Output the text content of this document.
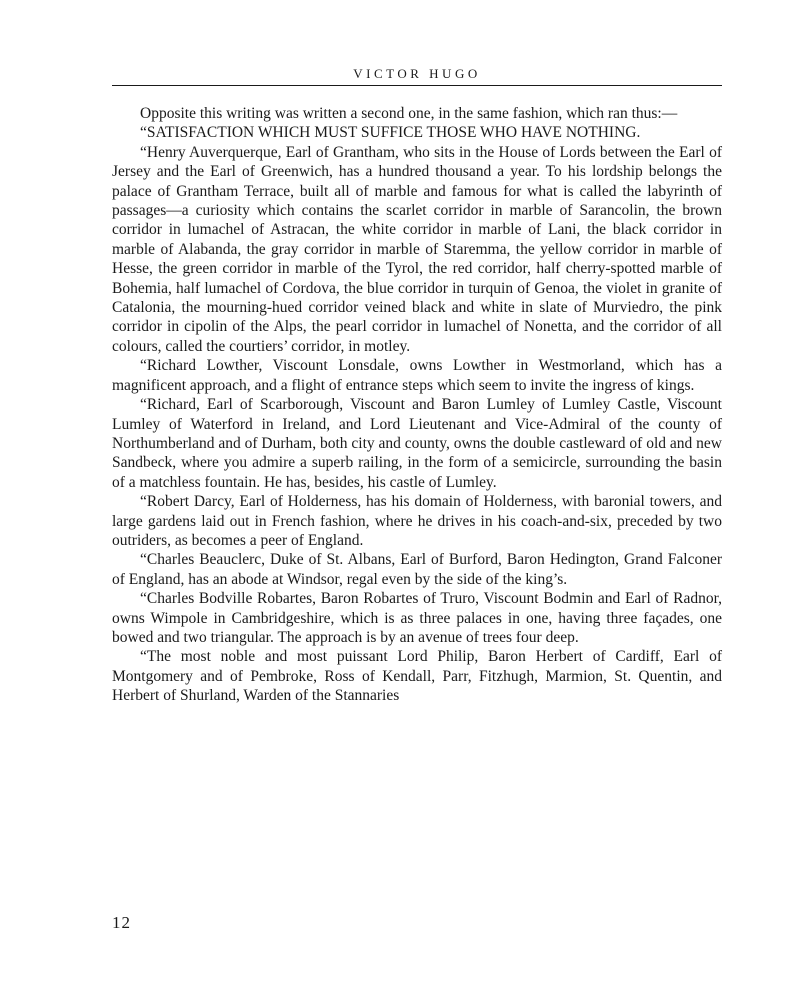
VICTOR HUGO

Opposite this writing was written a second one, in the same fashion, which ran thus:—

“SATISFACTION WHICH MUST SUFFICE THOSE WHO HAVE NOTHING.

“Henry Auverquerque, Earl of Grantham, who sits in the House of Lords between the Earl of Jersey and the Earl of Greenwich, has a hundred thousand a year. To his lordship belongs the palace of Grantham Terrace, built all of marble and famous for what is called the labyrinth of passages—a curiosity which contains the scarlet corridor in marble of Sarancolin, the brown corridor in lumachel of Astracan, the white corridor in marble of Lani, the black corridor in marble of Alabanda, the gray corridor in marble of Staremma, the yellow corridor in marble of Hesse, the green corridor in marble of the Tyrol, the red corridor, half cherry-spotted marble of Bohemia, half lumachel of Cordova, the blue corridor in turquin of Genoa, the violet in granite of Catalonia, the mourning-hued corridor veined black and white in slate of Murviedro, the pink corridor in cipolin of the Alps, the pearl corridor in lumachel of Nonetta, and the corridor of all colours, called the courtiers’ corridor, in motley.

“Richard Lowther, Viscount Lonsdale, owns Lowther in Westmorland, which has a magnificent approach, and a flight of entrance steps which seem to invite the ingress of kings.

“Richard, Earl of Scarborough, Viscount and Baron Lumley of Lumley Castle, Viscount Lumley of Waterford in Ireland, and Lord Lieutenant and Vice-Admiral of the county of Northumberland and of Durham, both city and county, owns the double castleward of old and new Sandbeck, where you admire a superb railing, in the form of a semicircle, surrounding the basin of a matchless fountain. He has, besides, his castle of Lumley.

“Robert Darcy, Earl of Holderness, has his domain of Holderness, with baronial towers, and large gardens laid out in French fashion, where he drives in his coach-and-six, preceded by two outriders, as becomes a peer of England.

“Charles Beauclerc, Duke of St. Albans, Earl of Burford, Baron Hedington, Grand Falconer of England, has an abode at Windsor, regal even by the side of the king’s.

“Charles Bodville Robartes, Baron Robartes of Truro, Viscount Bodmin and Earl of Radnor, owns Wimpole in Cambridgeshire, which is as three palaces in one, having three façades, one bowed and two triangular. The approach is by an avenue of trees four deep.

“The most noble and most puissant Lord Philip, Baron Herbert of Cardiff, Earl of Montgomery and of Pembroke, Ross of Kendall, Parr, Fitzhugh, Marmion, St. Quentin, and Herbert of Shurland, Warden of the Stannaries

12
